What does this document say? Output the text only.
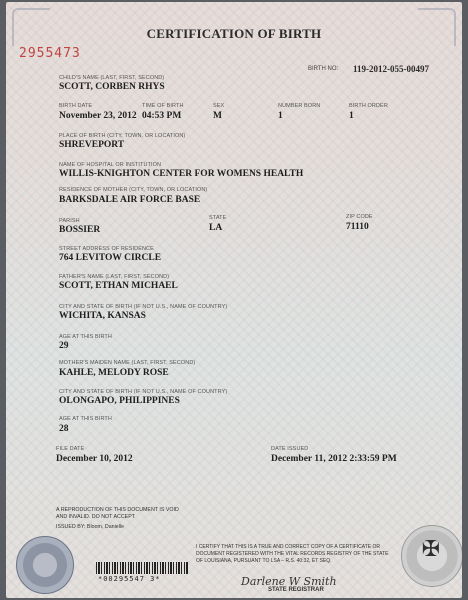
CERTIFICATION OF BIRTH
2955473
BIRTH NO: 119-2012-055-00497
CHILD'S NAME (LAST, FIRST, SECOND)
SCOTT, CORBEN RHYS
BIRTH DATE
November 23, 2012
TIME OF BIRTH
04:53 PM
SEX
M
NUMBER BORN
1
BIRTH ORDER
1
PLACE OF BIRTH (CITY, TOWN, OR LOCATION)
SHREVEPORT
NAME OF HOSPITAL OR INSTITUTION
WILLIS-KNIGHTON CENTER FOR WOMENS HEALTH
RESIDENCE OF MOTHER (CITY, TOWN, OR LOCATION)
BARKSDALE AIR FORCE BASE
PARISH
BOSSIER
STATE
LA
ZIP CODE
71110
STREET ADDRESS OF RESIDENCE
764 LEVITOW CIRCLE
FATHER'S NAME (LAST, FIRST, SECOND)
SCOTT, ETHAN MICHAEL
CITY AND STATE OF BIRTH (IF NOT U.S., NAME OF COUNTRY)
WICHITA, KANSAS
AGE AT THIS BIRTH
29
MOTHER'S MAIDEN NAME (LAST, FIRST, SECOND)
KAHLE, MELODY ROSE
CITY AND STATE OF BIRTH (IF NOT U.S., NAME OF COUNTRY)
OLONGAPO, PHILIPPINES
AGE AT THIS BIRTH
28
FILE DATE
December 10, 2012
DATE ISSUED
December 11, 2012 2:33:59 PM
A REPRODUCTION OF THIS DOCUMENT IS VOID AND INVALID. DO NOT ACCEPT
ISSUED BY: Bloom, Danielle
*00295547 3*
I CERTIFY THAT THIS IS A TRUE AND CORRECT COPY OF A CERTIFICATE OR DOCUMENT REGISTERED WITH THE VITAL RECORDS REGISTRY OF THE STATE OF LOUISIANA, PURSUANT TO LSA – R.S. 40:32, ET SEQ.
Darlene W Smith
STATE REGISTRAR
✠
